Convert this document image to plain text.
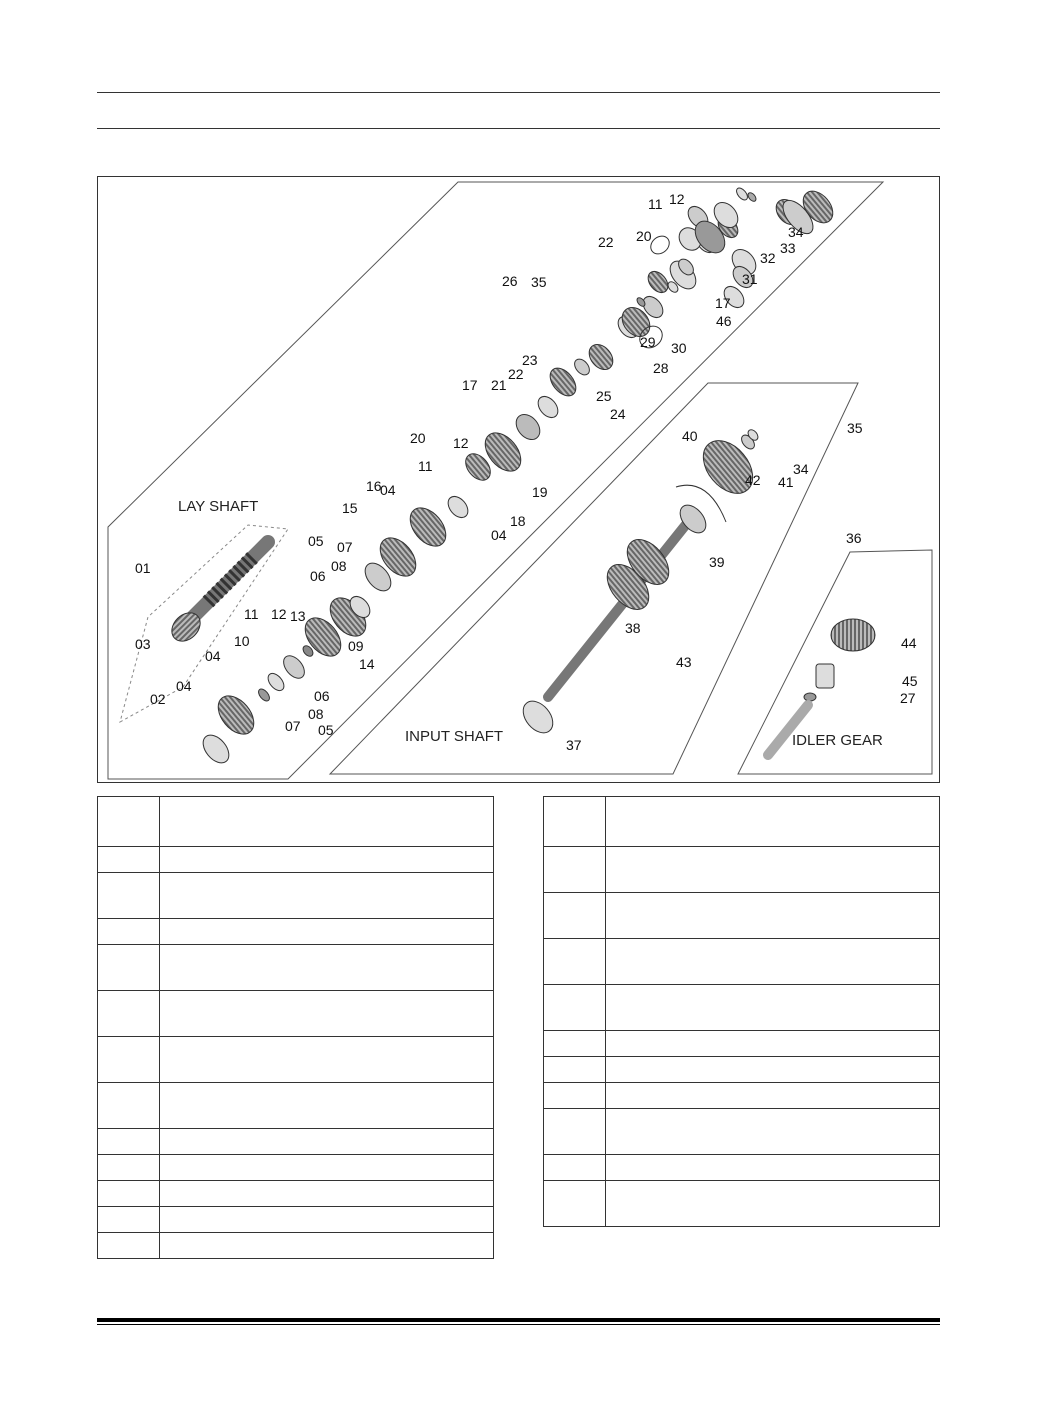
LAY SHAFT
INPUT SHAFT	IDLER GEAR
01
02
03
04
04
04
04
05
05
06
06
07
07
08
08
09
10
11
11
11 12
12
12
13
14
15
16
17
17
18
19
20
20
21
22
22
23
24
25
26
27
28
29 30
31
32
33
34
34
35
35
36
37
38
39
40
41
42
43
44
45
46
